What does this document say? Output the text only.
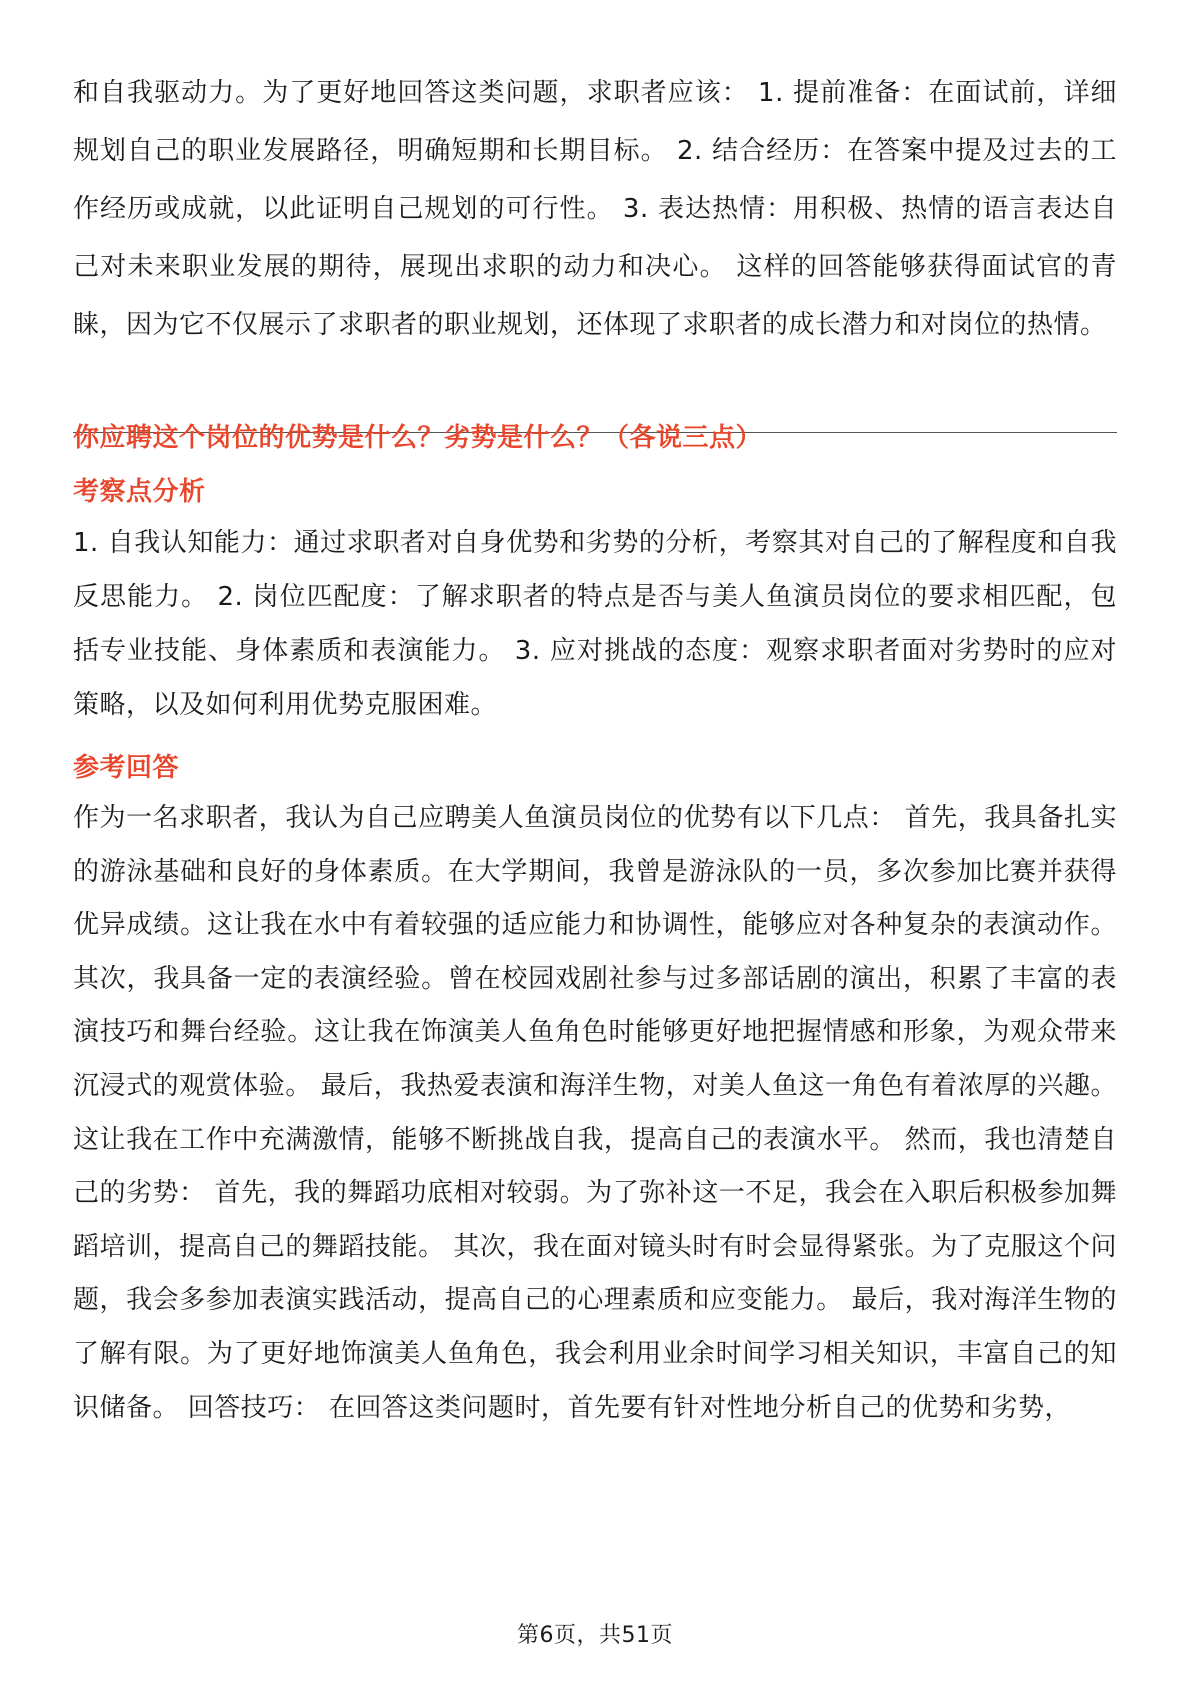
和自我驱动力。为了更好地回答这类问题，求职者应该： 1. 提前准备：在面试前，详细规划自己的职业发展路径，明确短期和长期目标。 2. 结合经历：在答案中提及过去的工作经历或成就，以此证明自己规划的可行性。 3. 表达热情：用积极、热情的语言表达自己对未来职业发展的期待，展现出求职的动力和决心。 这样的回答能够获得面试官的青睐，因为它不仅展示了求职者的职业规划，还体现了求职者的成长潜力和对岗位的热情。

你应聘这个岗位的优势是什么？劣势是什么？（各说三点）

考察点分析

1. 自我认知能力：通过求职者对自身优势和劣势的分析，考察其对自己的了解程度和自我反思能力。 2. 岗位匹配度：了解求职者的特点是否与美人鱼演员岗位的要求相匹配，包括专业技能、身体素质和表演能力。 3. 应对挑战的态度：观察求职者面对劣势时的应对策略，以及如何利用优势克服困难。

参考回答

作为一名求职者，我认为自己应聘美人鱼演员岗位的优势有以下几点： 首先，我具备扎实的游泳基础和良好的身体素质。在大学期间，我曾是游泳队的一员，多次参加比赛并获得优异成绩。这让我在水中有着较强的适应能力和协调性，能够应对各种复杂的表演动作。 其次，我具备一定的表演经验。曾在校园戏剧社参与过多部话剧的演出，积累了丰富的表演技巧和舞台经验。这让我在饰演美人鱼角色时能够更好地把握情感和形象，为观众带来沉浸式的观赏体验。 最后，我热爱表演和海洋生物，对美人鱼这一角色有着浓厚的兴趣。这让我在工作中充满激情，能够不断挑战自我，提高自己的表演水平。 然而，我也清楚自己的劣势： 首先，我的舞蹈功底相对较弱。为了弥补这一不足，我会在入职后积极参加舞蹈培训，提高自己的舞蹈技能。 其次，我在面对镜头时有时会显得紧张。为了克服这个问题，我会多参加表演实践活动，提高自己的心理素质和应变能力。 最后，我对海洋生物的了解有限。为了更好地饰演美人鱼角色，我会利用业余时间学习相关知识，丰富自己的知识储备。 回答技巧： 在回答这类问题时，首先要有针对性地分析自己的优势和劣势，

第6页，共51页
